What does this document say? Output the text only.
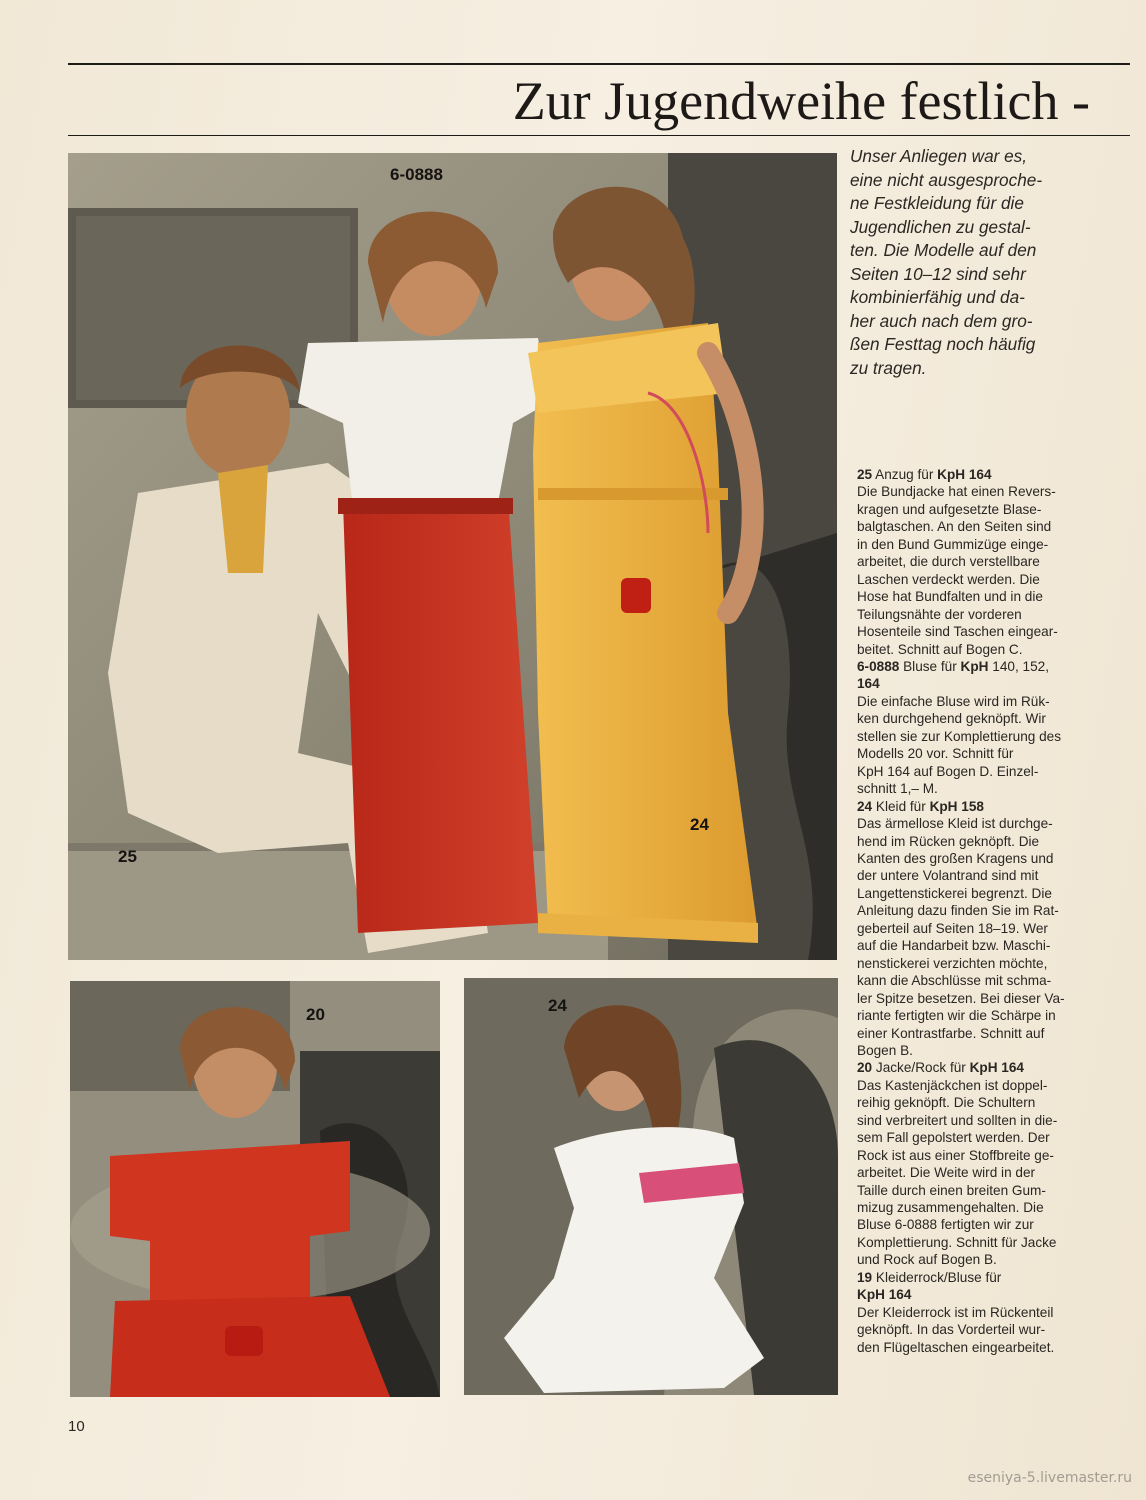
Zur Jugendweihe festlich -
6-0888
25
24
20	24
Unser Anliegen war es,
eine nicht ausgesproche-
ne Festkleidung für die
Jugendlichen zu gestal-
ten. Die Modelle auf den
Seiten 10–12 sind sehr
kombinierfähig und da-
her auch nach dem gro-
ßen Festtag noch häufig
zu tragen.
25 Anzug für KpH 164
Die Bundjacke hat einen Revers-
kragen und aufgesetzte Blase-
balgtaschen. An den Seiten sind
in den Bund Gummizüge einge-
arbeitet, die durch verstellbare
Laschen verdeckt werden. Die
Hose hat Bundfalten und in die
Teilungsnähte der vorderen
Hosenteile sind Taschen eingear-
beitet. Schnitt auf Bogen C.
6-0888 Bluse für KpH 140, 152,
164
Die einfache Bluse wird im Rük-
ken durchgehend geknöpft. Wir
stellen sie zur Komplettierung des
Modells 20 vor. Schnitt für
KpH 164 auf Bogen D. Einzel-
schnitt 1,– M.
24 Kleid für KpH 158
Das ärmellose Kleid ist durchge-
hend im Rücken geknöpft. Die
Kanten des großen Kragens und
der untere Volantrand sind mit
Langettenstickerei begrenzt. Die
Anleitung dazu finden Sie im Rat-
geberteil auf Seiten 18–19. Wer
auf die Handarbeit bzw. Maschi-
nenstickerei verzichten möchte,
kann die Abschlüsse mit schma-
ler Spitze besetzen. Bei dieser Va-
riante fertigten wir die Schärpe in
einer Kontrastfarbe. Schnitt auf
Bogen B.
20 Jacke/Rock für KpH 164
Das Kastenjäckchen ist doppel-
reihig geknöpft. Die Schultern
sind verbreitert und sollten in die-
sem Fall gepolstert werden. Der
Rock ist aus einer Stoffbreite ge-
arbeitet. Die Weite wird in der
Taille durch einen breiten Gum-
mizug zusammengehalten. Die
Bluse 6-0888 fertigten wir zur
Komplettierung. Schnitt für Jacke
und Rock auf Bogen B.
19 Kleiderrock/Bluse für
KpH 164
Der Kleiderrock ist im Rückenteil
geknöpft. In das Vorderteil wur-
den Flügeltaschen eingearbeitet.
10
eseniya-5.livemaster.ru
